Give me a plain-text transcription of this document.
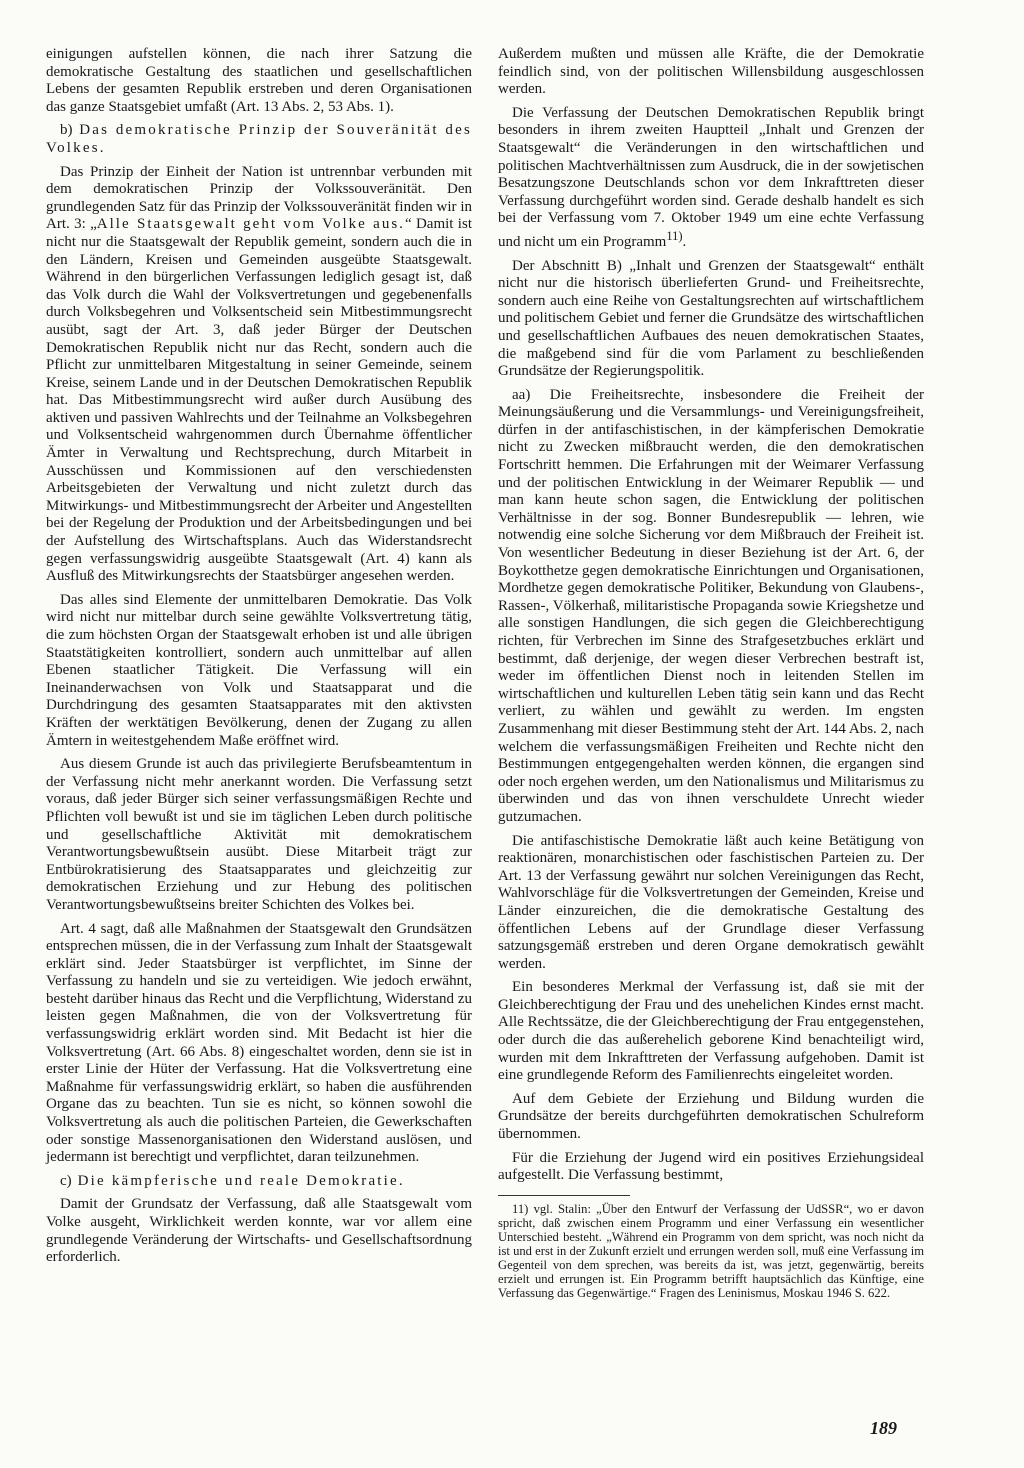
einigungen aufstellen können, die nach ihrer Satzung die demokratische Gestaltung des staatlichen und gesellschaftlichen Lebens der gesamten Republik erstreben und deren Organisationen das ganze Staatsgebiet umfaßt (Art. 13 Abs. 2, 53 Abs. 1).

b) Das demokratische Prinzip der Souveränität des Volkes.

Das Prinzip der Einheit der Nation ist untrennbar verbunden mit dem demokratischen Prinzip der Volkssouveränität. Den grundlegenden Satz für das Prinzip der Volkssouveränität finden wir in Art. 3: „Alle Staatsgewalt geht vom Volke aus.“ Damit ist nicht nur die Staatsgewalt der Republik gemeint, sondern auch die in den Ländern, Kreisen und Gemeinden ausgeübte Staatsgewalt. Während in den bürgerlichen Verfassungen lediglich gesagt ist, daß das Volk durch die Wahl der Volksvertretungen und gegebenenfalls durch Volksbegehren und Volksentscheid sein Mitbestimmungsrecht ausübt, sagt der Art. 3, daß jeder Bürger der Deutschen Demokratischen Republik nicht nur das Recht, sondern auch die Pflicht zur unmittelbaren Mitgestaltung in seiner Gemeinde, seinem Kreise, seinem Lande und in der Deutschen Demokratischen Republik hat. Das Mitbestimmungsrecht wird außer durch Ausübung des aktiven und passiven Wahlrechts und der Teilnahme an Volksbegehren und Volksentscheid wahrgenommen durch Übernahme öffentlicher Ämter in Verwaltung und Rechtsprechung, durch Mitarbeit in Ausschüssen und Kommissionen auf den verschiedensten Arbeitsgebieten der Verwaltung und nicht zuletzt durch das Mitwirkungs- und Mitbestimmungsrecht der Arbeiter und Angestellten bei der Regelung der Produktion und der Arbeitsbedingungen und bei der Aufstellung des Wirtschaftsplans. Auch das Widerstandsrecht gegen verfassungswidrig ausgeübte Staatsgewalt (Art. 4) kann als Ausfluß des Mitwirkungsrechts der Staatsbürger angesehen werden.

Das alles sind Elemente der unmittelbaren Demokratie. Das Volk wird nicht nur mittelbar durch seine gewählte Volksvertretung tätig, die zum höchsten Organ der Staatsgewalt erhoben ist und alle übrigen Staatstätigkeiten kontrolliert, sondern auch unmittelbar auf allen Ebenen staatlicher Tätigkeit. Die Verfassung will ein Ineinanderwachsen von Volk und Staatsapparat und die Durchdringung des gesamten Staatsapparates mit den aktivsten Kräften der werktätigen Bevölkerung, denen der Zugang zu allen Ämtern in weitestgehendem Maße eröffnet wird.

Aus diesem Grunde ist auch das privilegierte Berufsbeamtentum in der Verfassung nicht mehr anerkannt worden. Die Verfassung setzt voraus, daß jeder Bürger sich seiner verfassungsmäßigen Rechte und Pflichten voll bewußt ist und sie im täglichen Leben durch politische und gesellschaftliche Aktivität mit demokratischem Verantwortungsbewußtsein ausübt. Diese Mitarbeit trägt zur Entbürokratisierung des Staatsapparates und gleichzeitig zur demokratischen Erziehung und zur Hebung des politischen Verantwortungsbewußtseins breiter Schichten des Volkes bei.

Art. 4 sagt, daß alle Maßnahmen der Staatsgewalt den Grundsätzen entsprechen müssen, die in der Verfassung zum Inhalt der Staatsgewalt erklärt sind. Jeder Staatsbürger ist verpflichtet, im Sinne der Verfassung zu handeln und sie zu verteidigen. Wie jedoch erwähnt, besteht darüber hinaus das Recht und die Verpflichtung, Widerstand zu leisten gegen Maßnahmen, die von der Volksvertretung für verfassungswidrig erklärt worden sind. Mit Bedacht ist hier die Volksvertretung (Art. 66 Abs. 8) eingeschaltet worden, denn sie ist in erster Linie der Hüter der Verfassung. Hat die Volksvertretung eine Maßnahme für verfassungswidrig erklärt, so haben die ausführenden Organe das zu beachten. Tun sie es nicht, so können sowohl die Volksvertretung als auch die politischen Parteien, die Gewerkschaften oder sonstige Massenorganisationen den Widerstand auslösen, und jedermann ist berechtigt und verpflichtet, daran teilzunehmen.

c) Die kämpferische und reale Demokratie.

Damit der Grundsatz der Verfassung, daß alle Staatsgewalt vom Volke ausgeht, Wirklichkeit werden konnte, war vor allem eine grundlegende Veränderung der Wirtschafts- und Gesellschaftsordnung erforderlich.

Außerdem mußten und müssen alle Kräfte, die der Demokratie feindlich sind, von der politischen Willensbildung ausgeschlossen werden.

Die Verfassung der Deutschen Demokratischen Republik bringt besonders in ihrem zweiten Hauptteil „Inhalt und Grenzen der Staatsgewalt“ die Veränderungen in den wirtschaftlichen und politischen Machtverhältnissen zum Ausdruck, die in der sowjetischen Besatzungszone Deutschlands schon vor dem Inkrafttreten dieser Verfassung durchgeführt worden sind. Gerade deshalb handelt es sich bei der Verfassung vom 7. Oktober 1949 um eine echte Verfassung und nicht um ein Programm$^{11)}$.

Der Abschnitt B) „Inhalt und Grenzen der Staatsgewalt“ enthält nicht nur die historisch überlieferten Grund- und Freiheitsrechte, sondern auch eine Reihe von Gestaltungsrechten auf wirtschaftlichem und politischem Gebiet und ferner die Grundsätze des wirtschaftlichen und gesellschaftlichen Aufbaues des neuen demokratischen Staates, die maßgebend sind für die vom Parlament zu beschließenden Grundsätze der Regierungspolitik.

aa) Die Freiheitsrechte, insbesondere die Freiheit der Meinungsäußerung und die Versammlungs- und Vereinigungsfreiheit, dürfen in der antifaschistischen, in der kämpferischen Demokratie nicht zu Zwecken mißbraucht werden, die den demokratischen Fortschritt hemmen. Die Erfahrungen mit der Weimarer Verfassung und der politischen Entwicklung in der Weimarer Republik — und man kann heute schon sagen, die Entwicklung der politischen Verhältnisse in der sog. Bonner Bundesrepublik — lehren, wie notwendig eine solche Sicherung vor dem Mißbrauch der Freiheit ist. Von wesentlicher Bedeutung in dieser Beziehung ist der Art. 6, der Boykotthetze gegen demokratische Einrichtungen und Organisationen, Mordhetze gegen demokratische Politiker, Bekundung von Glaubens-, Rassen-, Völkerhaß, militaristische Propaganda sowie Kriegshetze und alle sonstigen Handlungen, die sich gegen die Gleichberechtigung richten, für Verbrechen im Sinne des Strafgesetzbuches erklärt und bestimmt, daß derjenige, der wegen dieser Verbrechen bestraft ist, weder im öffentlichen Dienst noch in leitenden Stellen im wirtschaftlichen und kulturellen Leben tätig sein kann und das Recht verliert, zu wählen und gewählt zu werden. Im engsten Zusammenhang mit dieser Bestimmung steht der Art. 144 Abs. 2, nach welchem die verfassungsmäßigen Freiheiten und Rechte nicht den Bestimmungen entgegengehalten werden können, die ergangen sind oder noch ergehen werden, um den Nationalismus und Militarismus zu überwinden und das von ihnen verschuldete Unrecht wieder gutzumachen.

Die antifaschistische Demokratie läßt auch keine Betätigung von reaktionären, monarchistischen oder faschistischen Parteien zu. Der Art. 13 der Verfassung gewährt nur solchen Vereinigungen das Recht, Wahlvorschläge für die Volksvertretungen der Gemeinden, Kreise und Länder einzureichen, die die demokratische Gestaltung des öffentlichen Lebens auf der Grundlage dieser Verfassung satzungsgemäß erstreben und deren Organe demokratisch gewählt werden.

Ein besonderes Merkmal der Verfassung ist, daß sie mit der Gleichberechtigung der Frau und des unehelichen Kindes ernst macht. Alle Rechtssätze, die der Gleichberechtigung der Frau entgegenstehen, oder durch die das außerehelich geborene Kind benachteiligt wird, wurden mit dem Inkrafttreten der Verfassung aufgehoben. Damit ist eine grundlegende Reform des Familienrechts eingeleitet worden.

Auf dem Gebiete der Erziehung und Bildung wurden die Grundsätze der bereits durchgeführten demokratischen Schulreform übernommen.

Für die Erziehung der Jugend wird ein positives Erziehungsideal aufgestellt. Die Verfassung bestimmt,

11) vgl. Stalin: „Über den Entwurf der Verfassung der UdSSR“, wo er davon spricht, daß zwischen einem Programm und einer Verfassung ein wesentlicher Unterschied besteht. „Während ein Programm von dem spricht, was noch nicht da ist und erst in der Zukunft erzielt und errungen werden soll, muß eine Verfassung im Gegenteil von dem sprechen, was bereits da ist, was jetzt, gegenwärtig, bereits erzielt und errungen ist. Ein Programm betrifft hauptsächlich das Künftige, eine Verfassung das Gegenwärtige.“ Fragen des Leninismus, Moskau 1946 S. 622.

189
